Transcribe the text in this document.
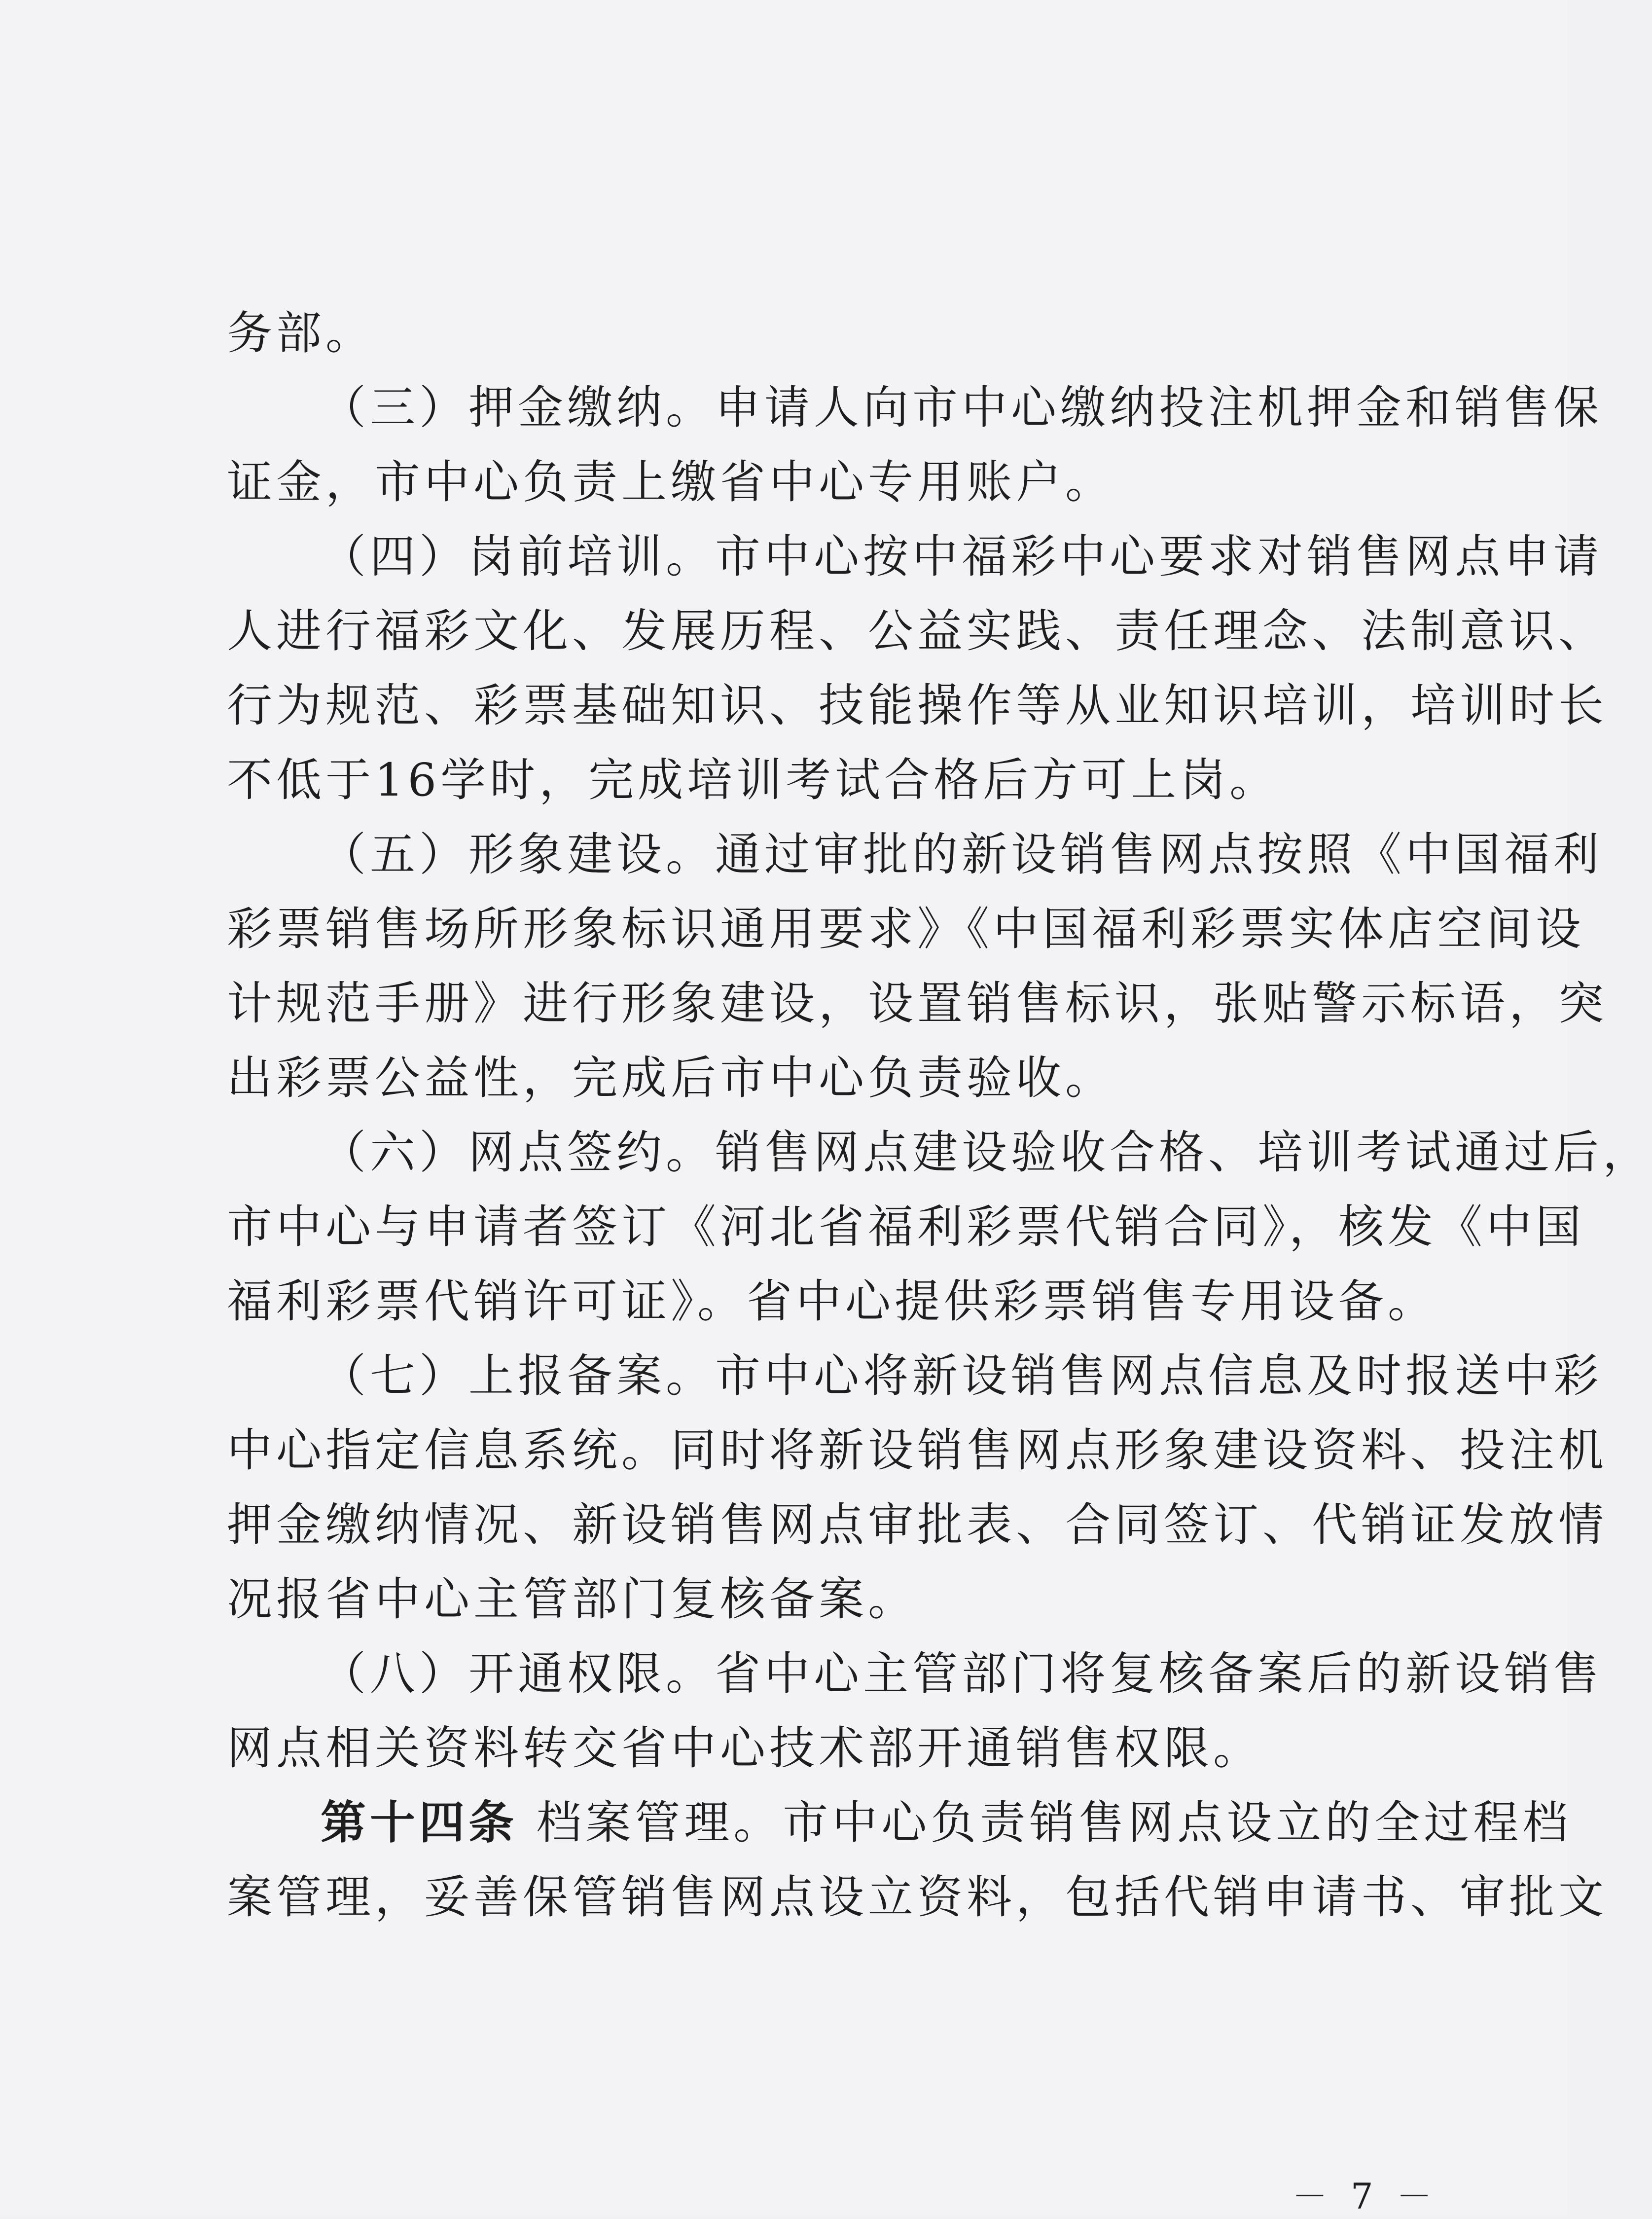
务部。
（三）押金缴纳。申请人向市中心缴纳投注机押金和销售保
证金，市中心负责上缴省中心专用账户。
（四）岗前培训。市中心按中福彩中心要求对销售网点申请
人进行福彩文化、发展历程、公益实践、责任理念、法制意识、
行为规范、彩票基础知识、技能操作等从业知识培训，培训时长
不低于16学时，完成培训考试合格后方可上岗。
（五）形象建设。通过审批的新设销售网点按照《中国福利
彩票销售场所形象标识通用要求》《中国福利彩票实体店空间设
计规范手册》进行形象建设，设置销售标识，张贴警示标语，突
出彩票公益性，完成后市中心负责验收。
（六）网点签约。销售网点建设验收合格、培训考试通过后，
市中心与申请者签订《河北省福利彩票代销合同》，核发《中国
福利彩票代销许可证》。省中心提供彩票销售专用设备。
（七）上报备案。市中心将新设销售网点信息及时报送中彩
中心指定信息系统。同时将新设销售网点形象建设资料、投注机
押金缴纳情况、新设销售网点审批表、合同签订、代销证发放情
况报省中心主管部门复核备案。
（八）开通权限。省中心主管部门将复核备案后的新设销售
网点相关资料转交省中心技术部开通销售权限。
第十四条 档案管理。市中心负责销售网点设立的全过程档
案管理，妥善保管销售网点设立资料，包括代销申请书、审批文
－ 7 －
